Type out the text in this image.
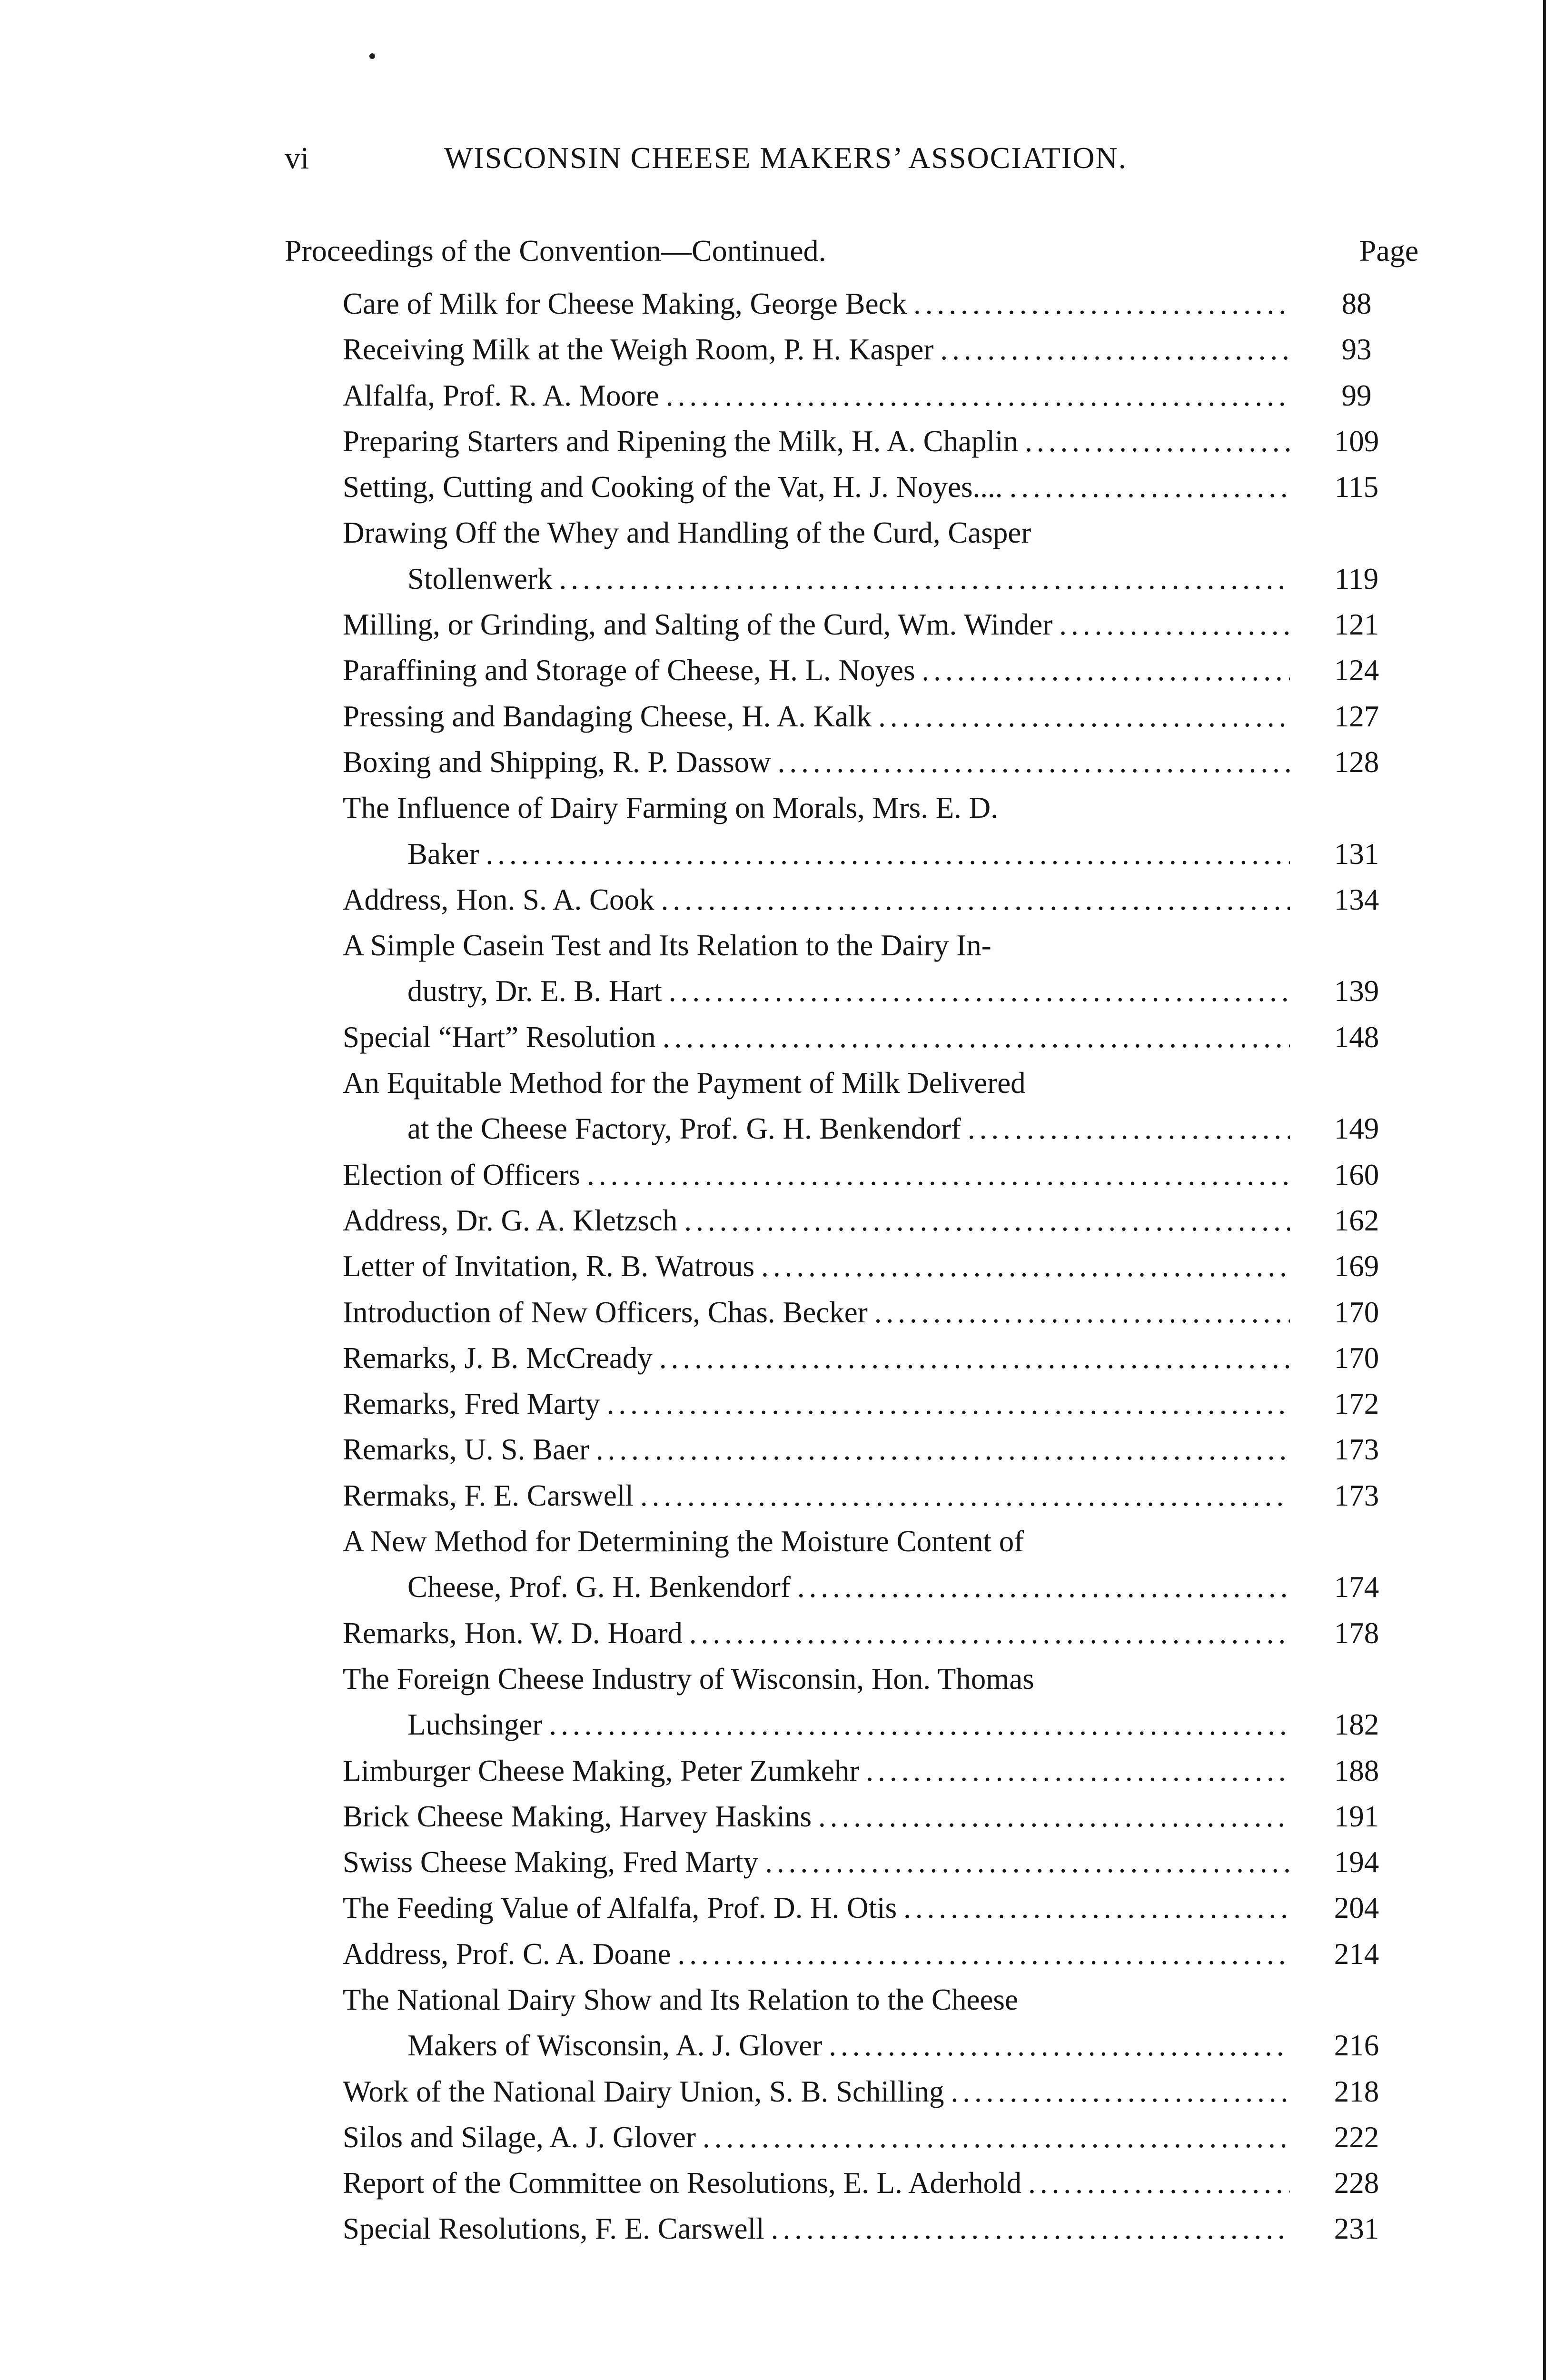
vi	WISCONSIN CHEESE MAKERS’ ASSOCIATION.
Proceedings of the Convention—Continued.	Page
Care of Milk for Cheese Making, George Beck .....	88
Receiving Milk at the Weigh Room, P. H. Kasper .....	93
Alfalfa, Prof. R. A. Moore .....	99
Preparing Starters and Ripening the Milk, H. A. Chaplin .....	109
Setting, Cutting and Cooking of the Vat, H. J. Noyes.... .....	115
Drawing Off the Whey and Handling of the Curd, Casper
Stollenwerk .....	119
Milling, or Grinding, and Salting of the Curd, Wm. Winder .....	121
Paraffining and Storage of Cheese, H. L. Noyes .....	124
Pressing and Bandaging Cheese, H. A. Kalk .....	127
Boxing and Shipping, R. P. Dassow .....	128
The Influence of Dairy Farming on Morals, Mrs. E. D.
Baker .....	131
Address, Hon. S. A. Cook .....	134
A Simple Casein Test and Its Relation to the Dairy In-
dustry, Dr. E. B. Hart .....	139
Special “Hart” Resolution .....	148
An Equitable Method for the Payment of Milk Delivered
at the Cheese Factory, Prof. G. H. Benkendorf .....	149
Election of Officers .....	160
Address, Dr. G. A. Kletzsch .....	162
Letter of Invitation, R. B. Watrous .....	169
Introduction of New Officers, Chas. Becker .....	170
Remarks, J. B. McCready .....	170
Remarks, Fred Marty .....	172
Remarks, U. S. Baer .....	173
Rermaks, F. E. Carswell .....	173
A New Method for Determining the Moisture Content of
Cheese, Prof. G. H. Benkendorf .....	174
Remarks, Hon. W. D. Hoard .....	178
The Foreign Cheese Industry of Wisconsin, Hon. Thomas
Luchsinger .....	182
Limburger Cheese Making, Peter Zumkehr .....	188
Brick Cheese Making, Harvey Haskins .....	191
Swiss Cheese Making, Fred Marty .....	194
The Feeding Value of Alfalfa, Prof. D. H. Otis .....	204
Address, Prof. C. A. Doane .....	214
The National Dairy Show and Its Relation to the Cheese
Makers of Wisconsin, A. J. Glover .....	216
Work of the National Dairy Union, S. B. Schilling .....	218
Silos and Silage, A. J. Glover .....	222
Report of the Committee on Resolutions, E. L. Aderhold .....	228
Special Resolutions, F. E. Carswell .....	231
